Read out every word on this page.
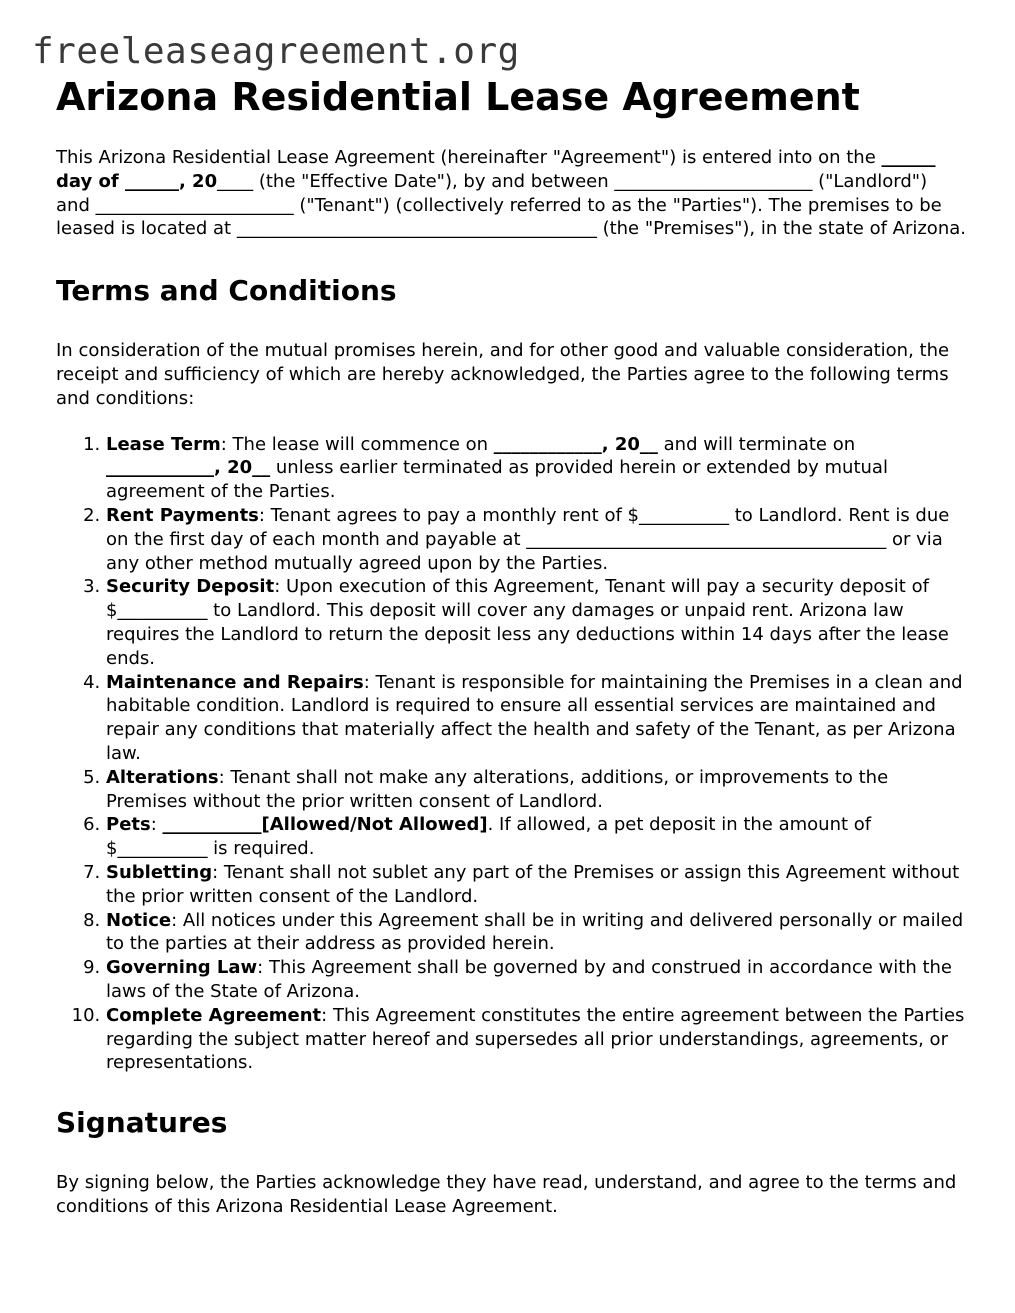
freeleaseagreement.org
Arizona Residential Lease Agreement

This Arizona Residential Lease Agreement (hereinafter "Agreement") is entered into on the ______ day of ______, 20____ (the "Effective Date"), by and between ______________________ ("Landlord") and ______________________ ("Tenant") (collectively referred to as the "Parties"). The premises to be leased is located at ________________________________________ (the "Premises"), in the state of Arizona.

Terms and Conditions

In consideration of the mutual promises herein, and for other good and valuable consideration, the receipt and sufficiency of which are hereby acknowledged, the Parties agree to the following terms and conditions:

1. Lease Term: The lease will commence on ____________, 20__ and will terminate on ____________, 20__ unless earlier terminated as provided herein or extended by mutual agreement of the Parties.
2. Rent Payments: Tenant agrees to pay a monthly rent of $__________ to Landlord. Rent is due on the first day of each month and payable at ________________________________________ or via any other method mutually agreed upon by the Parties.
3. Security Deposit: Upon execution of this Agreement, Tenant will pay a security deposit of $__________ to Landlord. This deposit will cover any damages or unpaid rent. Arizona law requires the Landlord to return the deposit less any deductions within 14 days after the lease ends.
4. Maintenance and Repairs: Tenant is responsible for maintaining the Premises in a clean and habitable condition. Landlord is required to ensure all essential services are maintained and repair any conditions that materially affect the health and safety of the Tenant, as per Arizona law.
5. Alterations: Tenant shall not make any alterations, additions, or improvements to the Premises without the prior written consent of Landlord.
6. Pets: ___________[Allowed/Not Allowed]. If allowed, a pet deposit in the amount of $__________ is required.
7. Subletting: Tenant shall not sublet any part of the Premises or assign this Agreement without the prior written consent of the Landlord.
8. Notice: All notices under this Agreement shall be in writing and delivered personally or mailed to the parties at their address as provided herein.
9. Governing Law: This Agreement shall be governed by and construed in accordance with the laws of the State of Arizona.
10. Complete Agreement: This Agreement constitutes the entire agreement between the Parties regarding the subject matter hereof and supersedes all prior understandings, agreements, or representations.
Signatures

By signing below, the Parties acknowledge they have read, understand, and agree to the terms and conditions of this Arizona Residential Lease Agreement.
